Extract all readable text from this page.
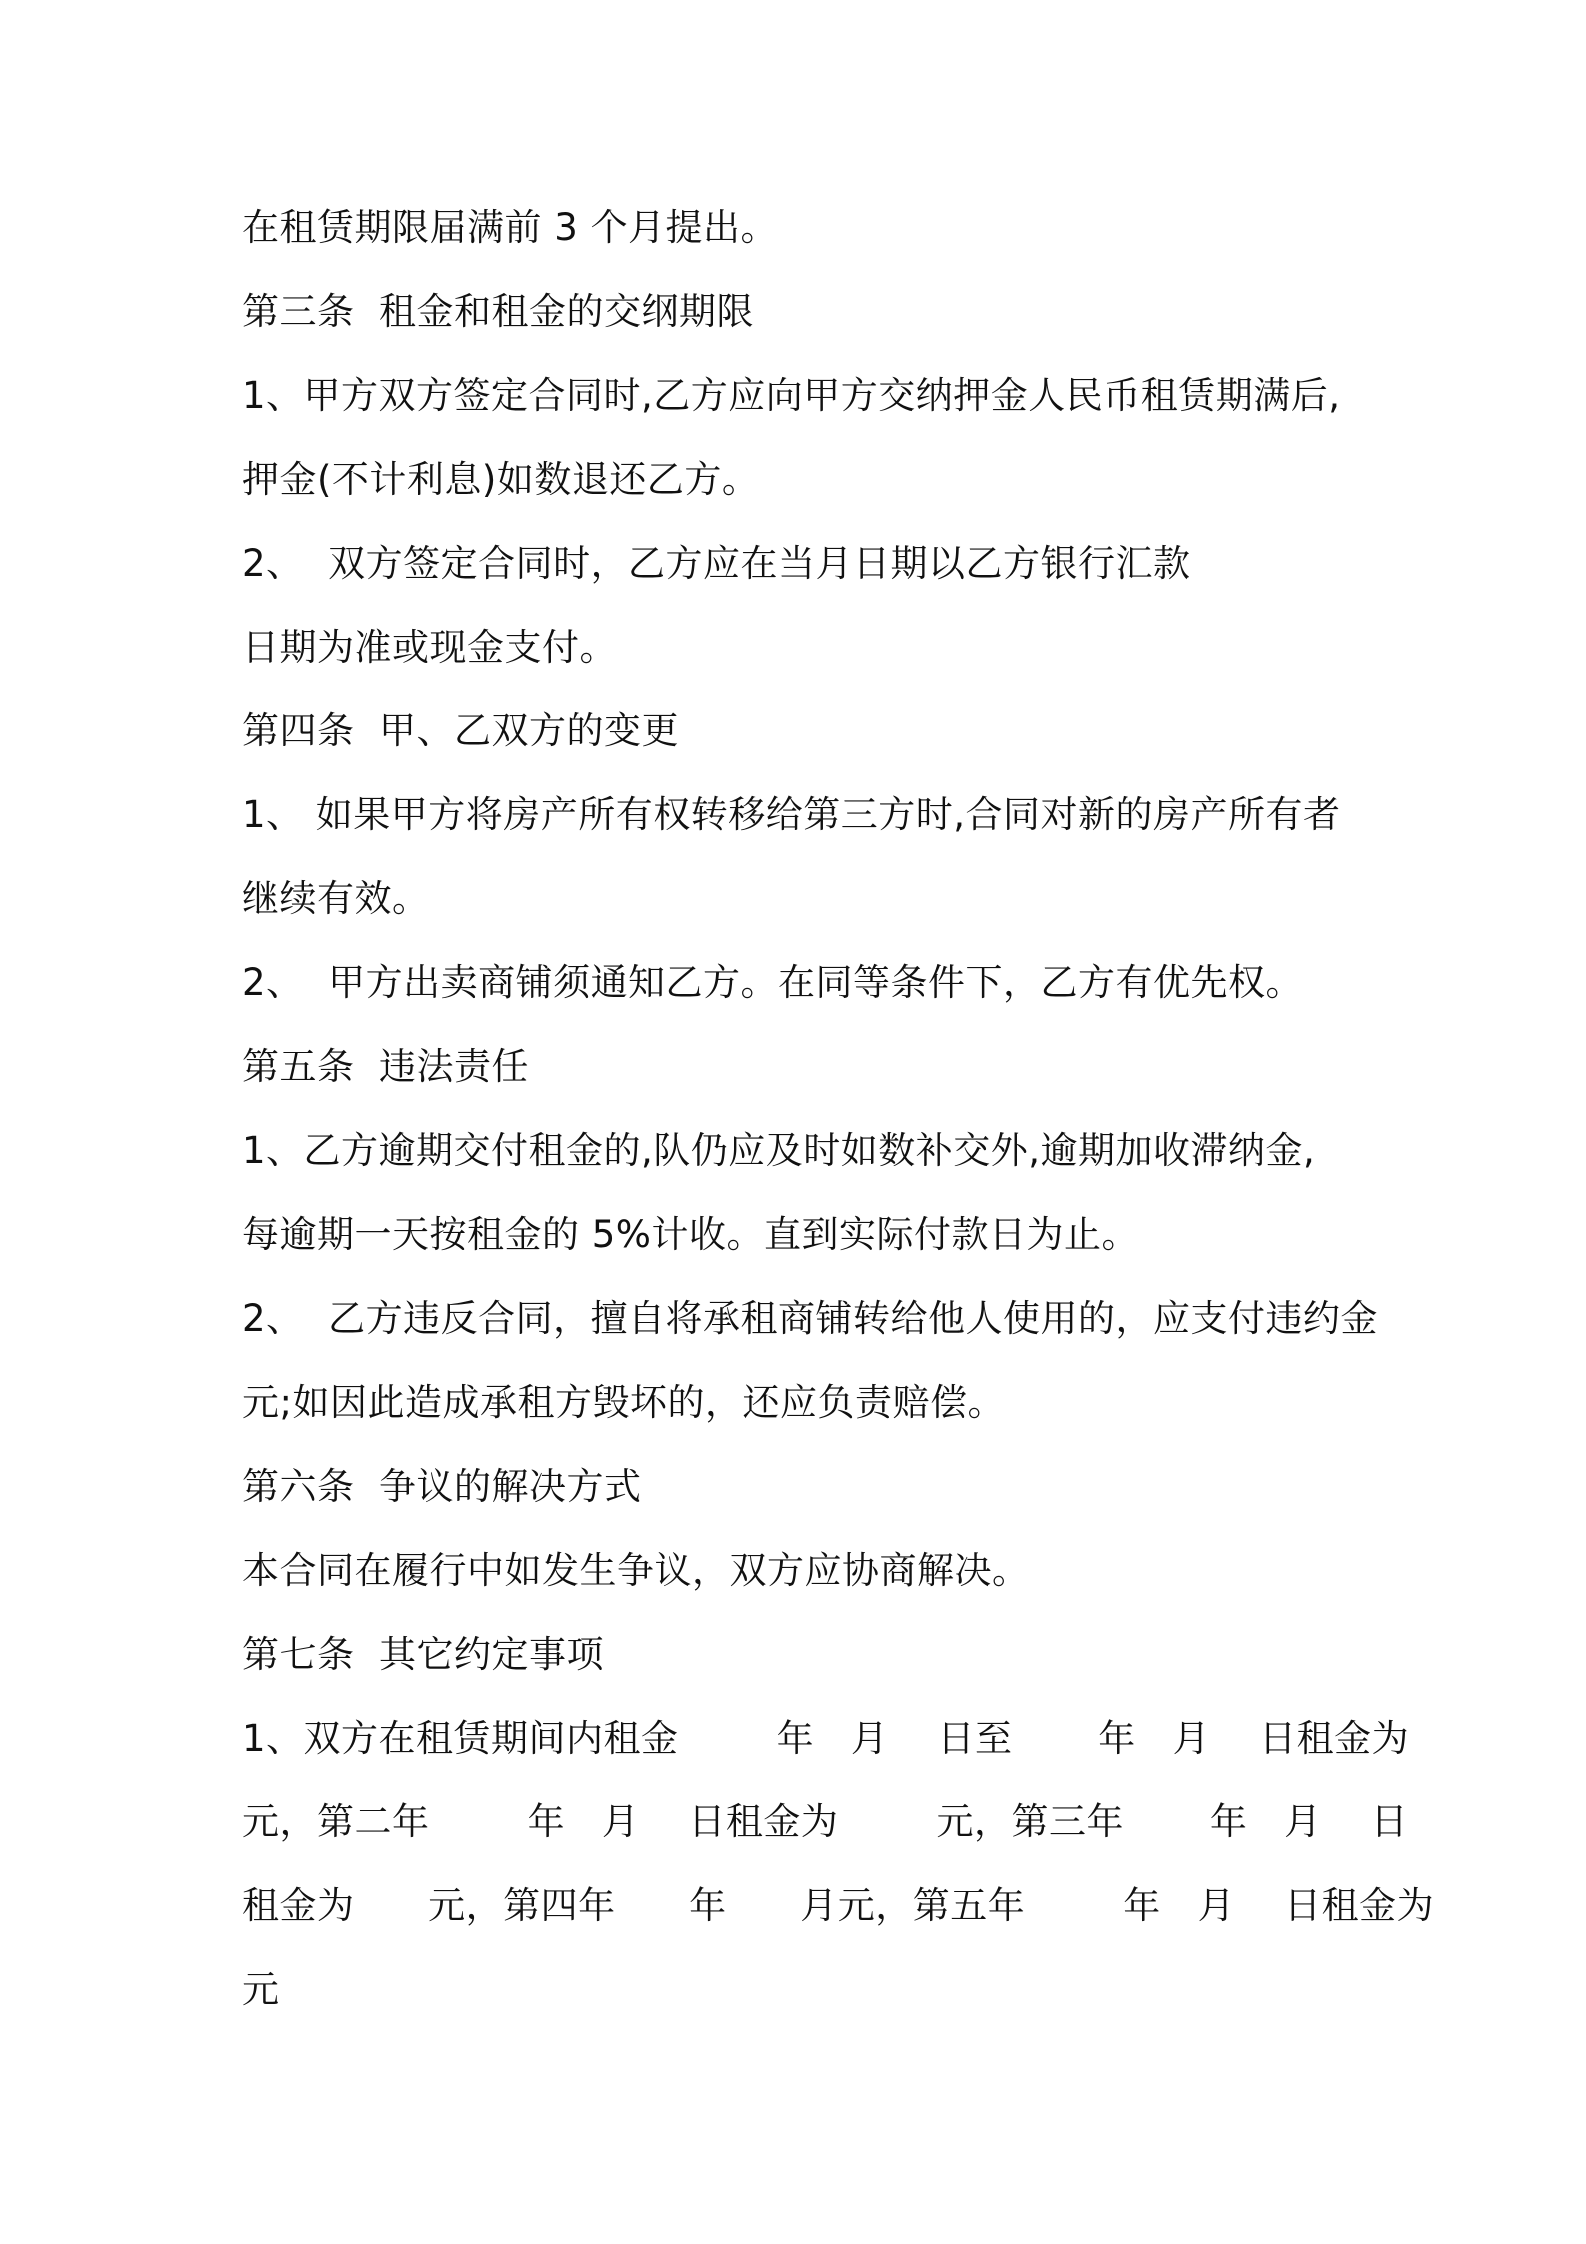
在租赁期限届满前 3 个月提出。
第三条  租金和租金的交纲期限
1、甲方双方签定合同时,乙方应向甲方交纳押金人民币租赁期满后,
押金(不计利息)如数退还乙方。
2、  双方签定合同时，乙方应在当月日期以乙方银行汇款
日期为准或现金支付。
第四条  甲、乙双方的变更
1、 如果甲方将房产所有权转移给第三方时,合同对新的房产所有者
继续有效。
2、  甲方出卖商铺须通知乙方。在同等条件下，乙方有优先权。
第五条  违法责任
1、乙方逾期交付租金的,队仍应及时如数补交外,逾期加收滞纳金,
每逾期一天按租金的 5%计收。直到实际付款日为止。
2、  乙方违反合同，擅自将承租商铺转给他人使用的，应支付违约金
元;如因此造成承租方毁坏的，还应负责赔偿。
第六条  争议的解决方式
本合同在履行中如发生争议，双方应协商解决。
第七条  其它约定事项
1、双方在租赁期间内租金        年   月    日至       年   月    日租金为
元，第二年        年   月    日租金为        元，第三年       年   月    日
租金为      元，第四年      年      月元，第五年        年   月    日租金为
元
